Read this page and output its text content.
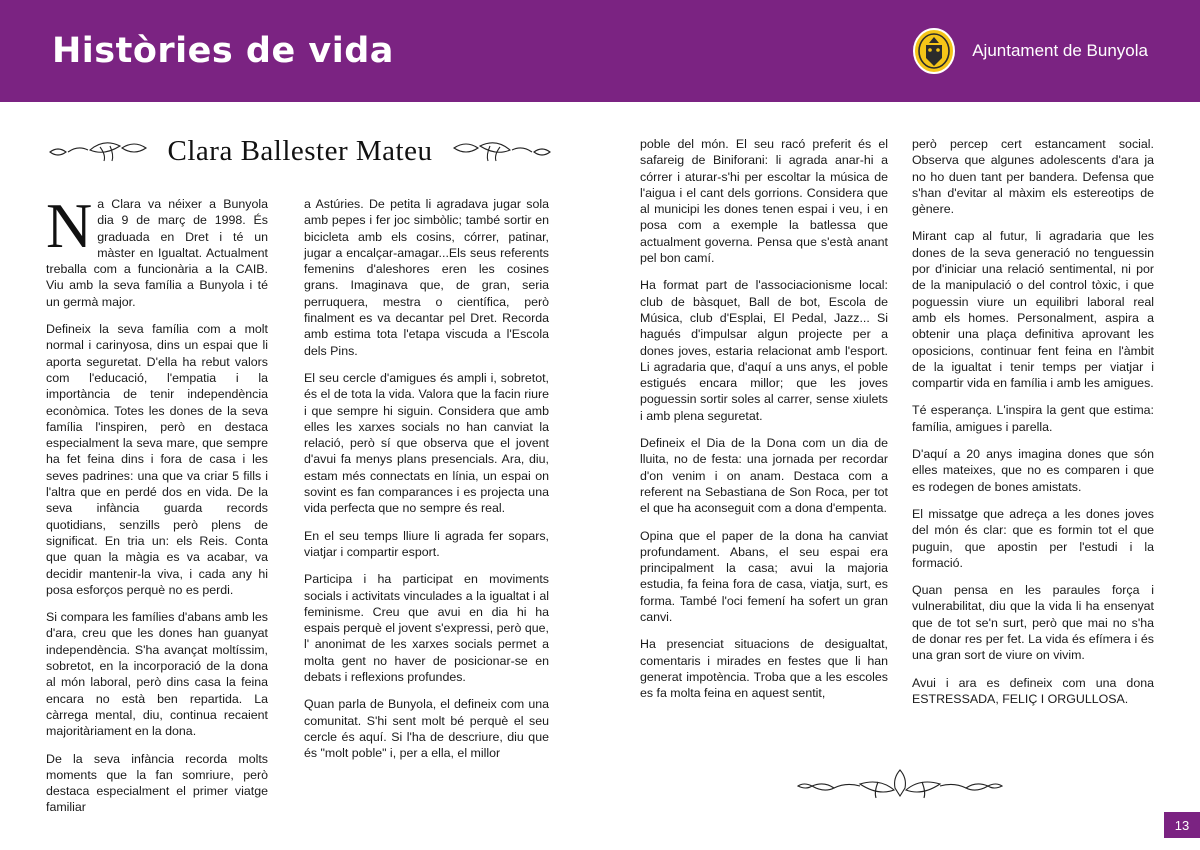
Històries de vida	Ajuntament de Bunyola
Clara Ballester Mateu

Na Clara va néixer a Bunyola dia 9 de març de 1998. És graduada en Dret i té un màster en Igualtat. Actualment treballa com a funcionària a la CAIB. Viu amb la seva família a Bunyola i té un germà major.

Defineix la seva família com a molt normal i carinyosa, dins un espai que li aporta seguretat. D'ella ha rebut valors com l'educació, l'empatia i la importància de tenir independència econòmica. Totes les dones de la seva família l'inspiren, però en destaca especialment la seva mare, que sempre ha fet feina dins i fora de casa i les seves padrines: una que va criar 5 fills i l'altra que en perdé dos en vida. De la seva infància guarda records quotidians, senzills però plens de significat. En tria un: els Reis. Conta que quan la màgia es va acabar, va decidir mantenir-la viva, i cada any hi posa esforços perquè no es perdi.

Si compara les famílies d'abans amb les d'ara, creu que les dones han guanyat independència. S'ha avançat moltíssim, sobretot, en la incorporació de la dona al món laboral, però dins casa la feina encara no està ben repartida. La càrrega mental, diu, continua recaient majoritàriament en la dona.

De la seva infància recorda molts moments que la fan somriure, però destaca especialment el primer viatge familiar

a Astúries. De petita li agradava jugar sola amb pepes i fer joc simbòlic; també sortir en bicicleta amb els cosins, córrer, patinar, jugar a encalçar-amagar...Els seus referents femenins d'aleshores eren les cosines grans. Imaginava que, de gran, seria perruquera, mestra o científica, però finalment es va decantar pel Dret. Recorda amb estima tota l'etapa viscuda a l'Escola dels Pins.

El seu cercle d'amigues és ampli i, sobretot, és el de tota la vida. Valora que la facin riure i que sempre hi siguin. Considera que amb elles les xarxes socials no han canviat la relació, però sí que observa que el jovent d'avui fa menys plans presencials. Ara, diu, estam més connectats en línia, un espai on sovint es fan comparances i es projecta una vida perfecta que no sempre és real.

En el seu temps lliure li agrada fer sopars, viatjar i compartir esport.

Participa i ha participat en moviments socials i activitats vinculades a la igualtat i al feminisme. Creu que avui en dia hi ha espais perquè el jovent s'expressi, però que, l' anonimat de les xarxes socials permet a molta gent no haver de posicionar-se en debats i reflexions profundes.

Quan parla de Bunyola, el defineix com una comunitat. S'hi sent molt bé perquè el seu cercle és aquí. Si l'ha de descriure, diu que és "molt poble" i, per a ella, el millor

poble del món. El seu racó preferit és el safareig de Biniforani: li agrada anar-hi a córrer i aturar-s'hi per escoltar la música de l'aigua i el cant dels gorrions. Considera que al municipi les dones tenen espai i veu, i en posa com a exemple la batlessa que actualment governa. Pensa que s'està anant pel bon camí.

Ha format part de l'associacionisme local: club de bàsquet, Ball de bot, Escola de Música, club d'Esplai, El Pedal, Jazz... Si hagués d'impulsar algun projecte per a dones joves, estaria relacionat amb l'esport. Li agradaria que, d'aquí a uns anys, el poble estigués encara millor; que les joves poguessin sortir soles al carrer, sense xiulets i amb plena seguretat.

Defineix el Dia de la Dona com un dia de lluita, no de festa: una jornada per recordar d'on venim i on anam. Destaca com a referent na Sebastiana de Son Roca, per tot el que ha aconseguit com a dona d'empenta.

Opina que el paper de la dona ha canviat profundament. Abans, el seu espai era principalment la casa; avui la majoria estudia, fa feina fora de casa, viatja, surt, es forma. També l'oci femení ha sofert un gran canvi.

Ha presenciat situacions de desigualtat, comentaris i mirades en festes que li han generat impotència. Troba que a les escoles es fa molta feina en aquest sentit,

però percep cert estancament social. Observa que algunes adolescents d'ara ja no ho duen tant per bandera. Defensa que s'han d'evitar al màxim els estereotips de gènere.

Mirant cap al futur, li agradaria que les dones de la seva generació no tenguessin por d'iniciar una relació sentimental, ni por de la manipulació o del control tòxic, i que poguessin viure un equilibri laboral real amb els homes. Personalment, aspira a obtenir una plaça definitiva aprovant les oposicions, continuar fent feina en l'àmbit de la igualtat i tenir temps per viatjar i compartir vida en família i amb les amigues.

Té esperança. L'inspira la gent que estima: família, amigues i parella.

D'aquí a 20 anys imagina dones que són elles mateixes, que no es comparen i que es rodegen de bones amistats.

El missatge que adreça a les dones joves del món és clar: que es formin tot el que puguin, que apostin per l'estudi i la formació.

Quan pensa en les paraules força i vulnerabilitat, diu que la vida li ha ensenyat que de tot se'n surt, però que mai no s'ha de donar res per fet. La vida és efímera i és una gran sort de viure on vivim.

Avui i ara es defineix com una dona ESTRESSADA, FELIÇ I ORGULLOSA.

13
